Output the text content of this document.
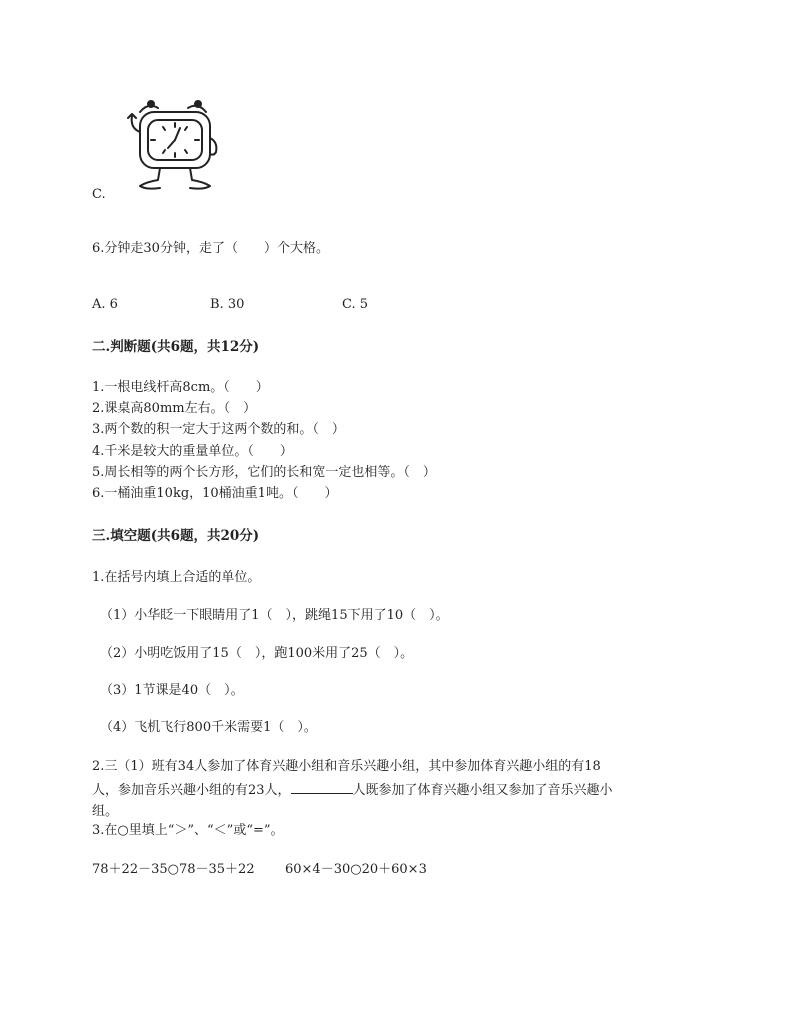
C.
6.分钟走30分钟，走了（　　）个大格。
A. 6	B. 30	C. 5
二.判断题(共6题，共12分)
1.一根电线杆高8cm。（　　）
2.课桌高80mm左右。（　）
3.两个数的积一定大于这两个数的和。（　）
4.千米是较大的重量单位。（　　）
5.周长相等的两个长方形，它们的长和宽一定也相等。（　）
6.一桶油重10kg，10桶油重1吨。（　　）
三.填空题(共6题，共20分)
1.在括号内填上合适的单位。
（1）小华眨一下眼睛用了1（　），跳绳15下用了10（　）。
（2）小明吃饭用了15（　），跑100米用了25（　）。
（3）1节课是40（　）。
（4）飞机飞行800千米需要1（　）。
2.三（1）班有34人参加了体育兴趣小组和音乐兴趣小组，其中参加体育兴趣小组的有18
人，参加音乐兴趣小组的有23人，	人既参加了体育兴趣小组又参加了音乐兴趣小
组。
3.在○里填上“＞”、“＜”或“=”。
78＋22－35○78－35＋22 60×4－30○20＋60×3
